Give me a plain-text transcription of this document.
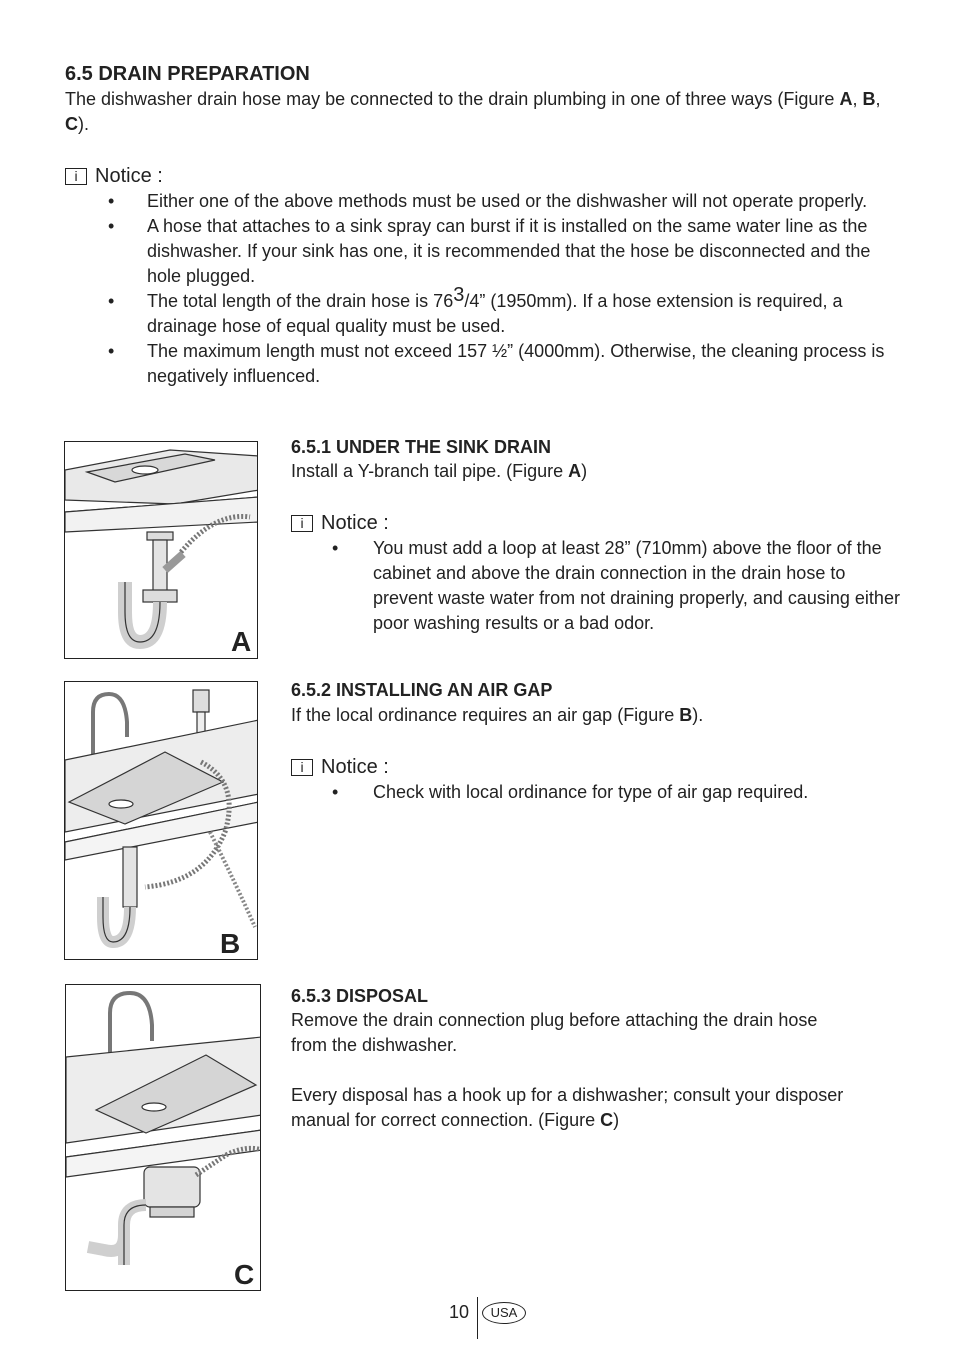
6.5 DRAIN PREPARATION

The dishwasher drain hose may be connected to the drain plumbing in one of three ways (Figure A, B, C).

i Notice :
• Either one of the above methods must be used or the dishwasher will not operate properly.
• A hose that attaches to a sink spray can burst if it is installed on the same water line as the dishwasher. If your sink has one, it is recommended that the hose be disconnected and the hole plugged.
• The total length of the drain hose is $76^3/4$” (1950mm). If a hose extension is required, a drainage hose of equal quality must be used.
• The maximum length must not exceed 157 ½” (4000mm). Otherwise, the cleaning process is negatively influenced.
A
6.5.1 UNDER THE SINK DRAIN

Install a Y-branch tail pipe. (Figure A)

i Notice :
• You must add a loop at least 28” (710mm) above the floor of the cabinet and above the drain connection in the drain hose to prevent waste water from not draining properly, and causing either poor washing results or a bad odor.
B
6.5.2 INSTALLING AN AIR GAP

If the local ordinance requires an air gap (Figure B).

i Notice :
• Check with local ordinance for type of air gap required.
C
6.5.3 DISPOSAL

Remove the drain connection plug before attaching the drain hose from the dishwasher.

Every disposal has a hook up for a dishwasher; consult your disposer manual for correct connection. (Figure C)

10	USA
